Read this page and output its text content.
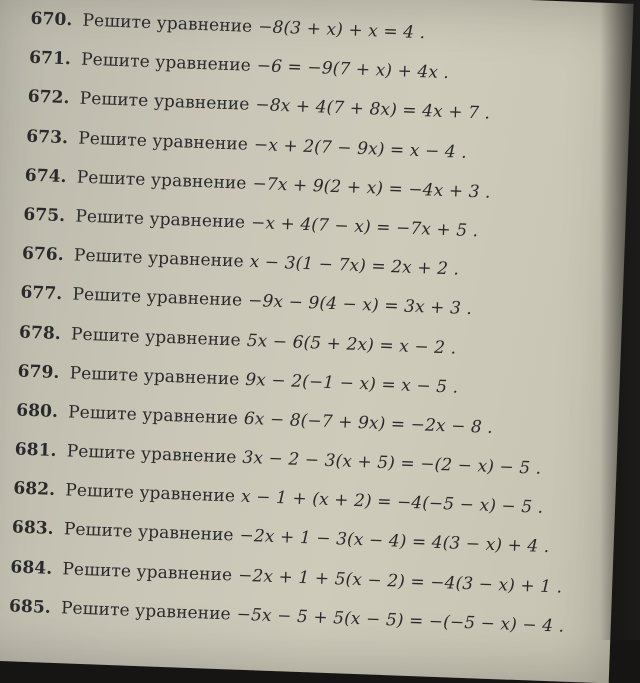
670. Решите уравнение −8(3 + x) + x = 4 .
671. Решите уравнение −6 = −9(7 + x) + 4x .
672. Решите уравнение −8x + 4(7 + 8x) = 4x + 7 .
673. Решите уравнение −x + 2(7 − 9x) = x − 4 .
674. Решите уравнение −7x + 9(2 + x) = −4x + 3 .
675. Решите уравнение −x + 4(7 − x) = −7x + 5 .
676. Решите уравнение x − 3(1 − 7x) = 2x + 2 .
677. Решите уравнение −9x − 9(4 − x) = 3x + 3 .
678. Решите уравнение 5x − 6(5 + 2x) = x − 2 .
679. Решите уравнение 9x − 2(−1 − x) = x − 5 .
680. Решите уравнение 6x − 8(−7 + 9x) = −2x − 8 .
681. Решите уравнение 3x − 2 − 3(x + 5) = −(2 − x) − 5 .
682. Решите уравнение x − 1 + (x + 2) = −4(−5 − x) − 5 .
683. Решите уравнение −2x + 1 − 3(x − 4) = 4(3 − x) + 4 .
684. Решите уравнение −2x + 1 + 5(x − 2) = −4(3 − x) + 1 .
685. Решите уравнение −5x − 5 + 5(x − 5) = −(−5 − x) − 4 .
